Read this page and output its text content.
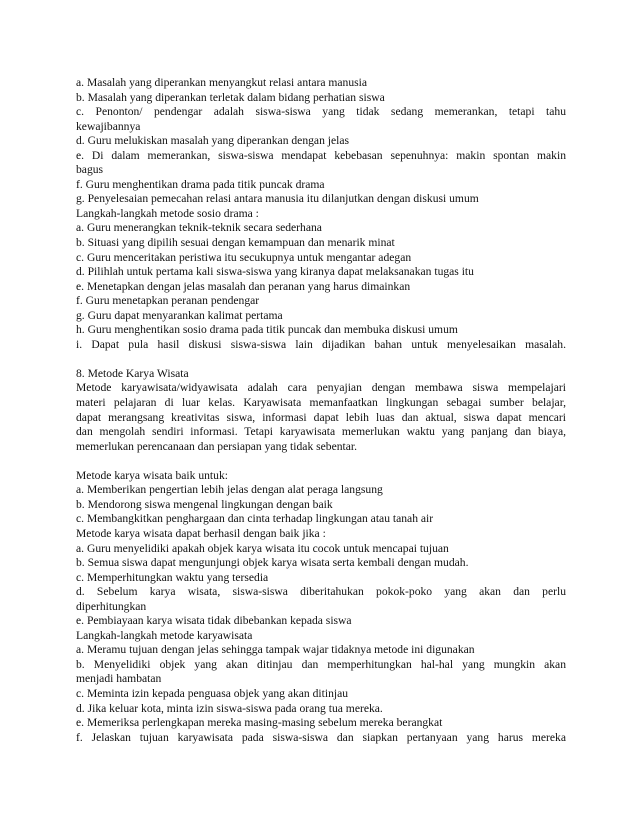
a. Masalah yang diperankan menyangkut relasi antara manusia

b. Masalah yang diperankan terletak dalam bidang perhatian siswa

c. Penonton/ pendengar adalah siswa-siswa yang tidak sedang memerankan, tetapi tahu

kewajibannya

d. Guru melukiskan masalah yang diperankan dengan jelas

e. Di dalam memerankan, siswa-siswa mendapat kebebasan sepenuhnya: makin spontan makin

bagus

f. Guru menghentikan drama pada titik puncak drama

g. Penyelesaian pemecahan relasi antara manusia itu dilanjutkan dengan diskusi umum

Langkah-langkah metode sosio drama :

a. Guru menerangkan teknik-teknik secara sederhana

b. Situasi yang dipilih sesuai dengan kemampuan dan menarik minat

c. Guru menceritakan peristiwa itu secukupnya untuk mengantar adegan

d. Pilihlah untuk pertama kali siswa-siswa yang kiranya dapat melaksanakan tugas itu

e. Menetapkan dengan jelas masalah dan peranan yang harus dimainkan

f. Guru menetapkan peranan pendengar

g. Guru dapat menyarankan kalimat pertama

h. Guru menghentikan sosio drama pada titik puncak dan membuka diskusi umum

i. Dapat pula hasil diskusi siswa-siswa lain dijadikan bahan untuk menyelesaikan masalah.

8. Metode Karya Wisata

Metode karyawisata/widyawisata adalah cara penyajian dengan membawa siswa mempelajari

materi pelajaran di luar kelas. Karyawisata memanfaatkan lingkungan sebagai sumber belajar,

dapat merangsang kreativitas siswa, informasi dapat lebih luas dan aktual, siswa dapat mencari

dan mengolah sendiri informasi. Tetapi karyawisata memerlukan waktu yang panjang dan biaya,

memerlukan perencanaan dan persiapan yang tidak sebentar.

Metode karya wisata baik untuk:

a. Memberikan pengertian lebih jelas dengan alat peraga langsung

b. Mendorong siswa mengenal lingkungan dengan baik

c. Membangkitkan penghargaan dan cinta terhadap lingkungan atau tanah air

Metode karya wisata dapat berhasil dengan baik jika :

a. Guru menyelidiki apakah objek karya wisata itu cocok untuk mencapai tujuan

b. Semua siswa dapat mengunjungi objek karya wisata serta kembali dengan mudah.

c. Memperhitungkan waktu yang tersedia

d. Sebelum karya wisata, siswa-siswa diberitahukan pokok-poko yang akan dan perlu

diperhitungkan

e. Pembiayaan karya wisata tidak dibebankan kepada siswa

Langkah-langkah metode karyawisata

a. Meramu tujuan dengan jelas sehingga tampak wajar tidaknya metode ini digunakan

b. Menyelidiki objek yang akan ditinjau dan memperhitungkan hal-hal yang mungkin akan

menjadi hambatan

c. Meminta izin kepada penguasa objek yang akan ditinjau

d. Jika keluar kota, minta izin siswa-siswa pada orang tua mereka.

e. Memeriksa perlengkapan mereka masing-masing sebelum mereka berangkat

f. Jelaskan tujuan karyawisata pada siswa-siswa dan siapkan pertanyaan yang harus mereka
